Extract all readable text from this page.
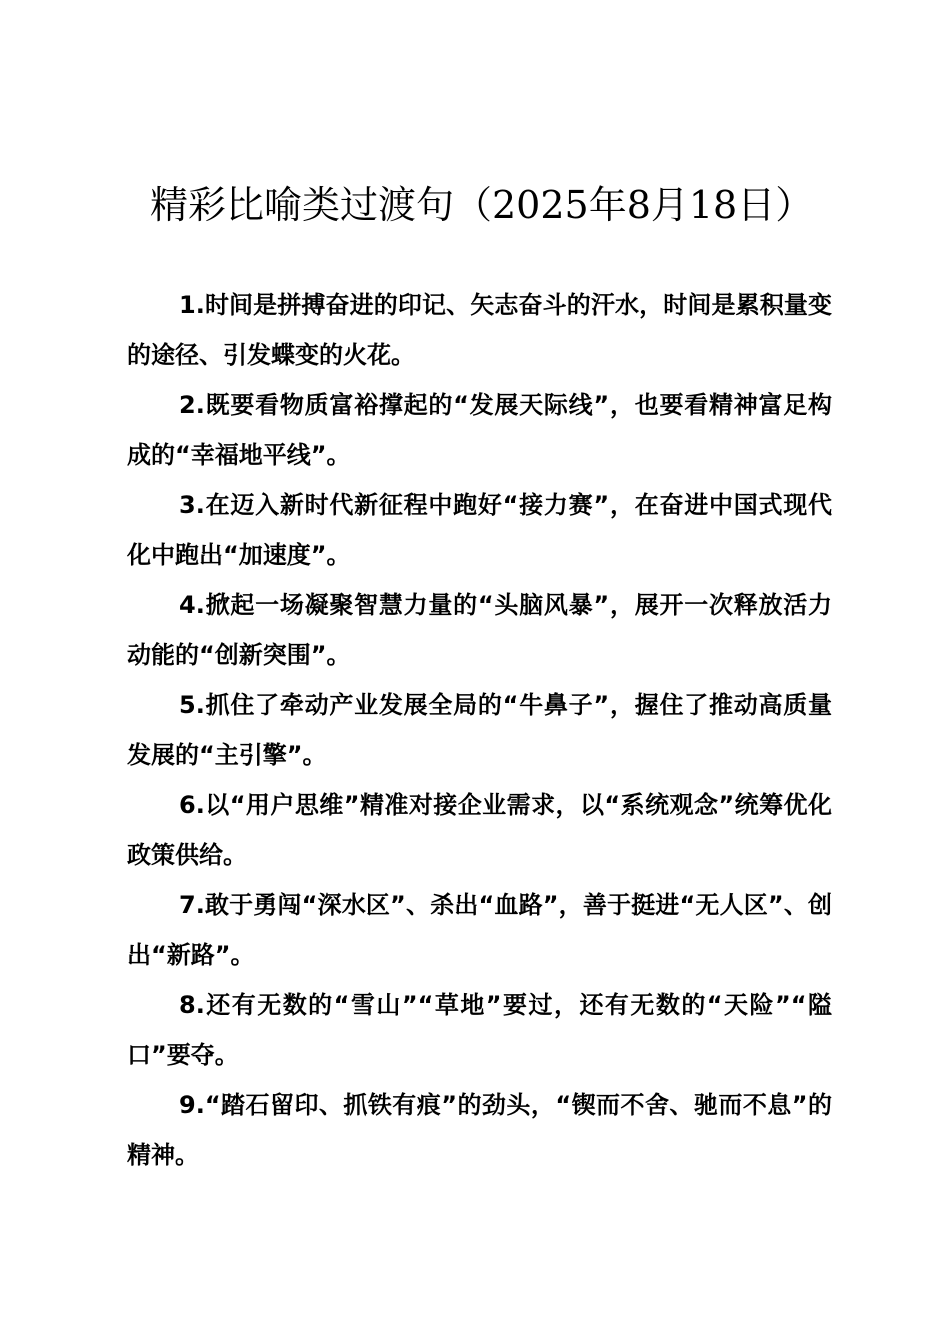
精彩比喻类过渡句（2025年8月18日）

1.时间是拼搏奋进的印记、矢志奋斗的汗水，时间是累积量变的途径、引发蝶变的火花。

2.既要看物质富裕撑起的“发展天际线”，也要看精神富足构成的“幸福地平线”。

3.在迈入新时代新征程中跑好“接力赛”，在奋进中国式现代化中跑出“加速度”。

4.掀起一场凝聚智慧力量的“头脑风暴”，展开一次释放活力动能的“创新突围”。

5.抓住了牵动产业发展全局的“牛鼻子”，握住了推动高质量发展的“主引擎”。

6.以“用户思维”精准对接企业需求，以“系统观念”统筹优化政策供给。

7.敢于勇闯“深水区”、杀出“血路”，善于挺进“无人区”、创出“新路”。

8.还有无数的“雪山”“草地”要过，还有无数的“天险”“隘口”要夺。

9.“踏石留印、抓铁有痕”的劲头，“锲而不舍、驰而不息”的精神。
